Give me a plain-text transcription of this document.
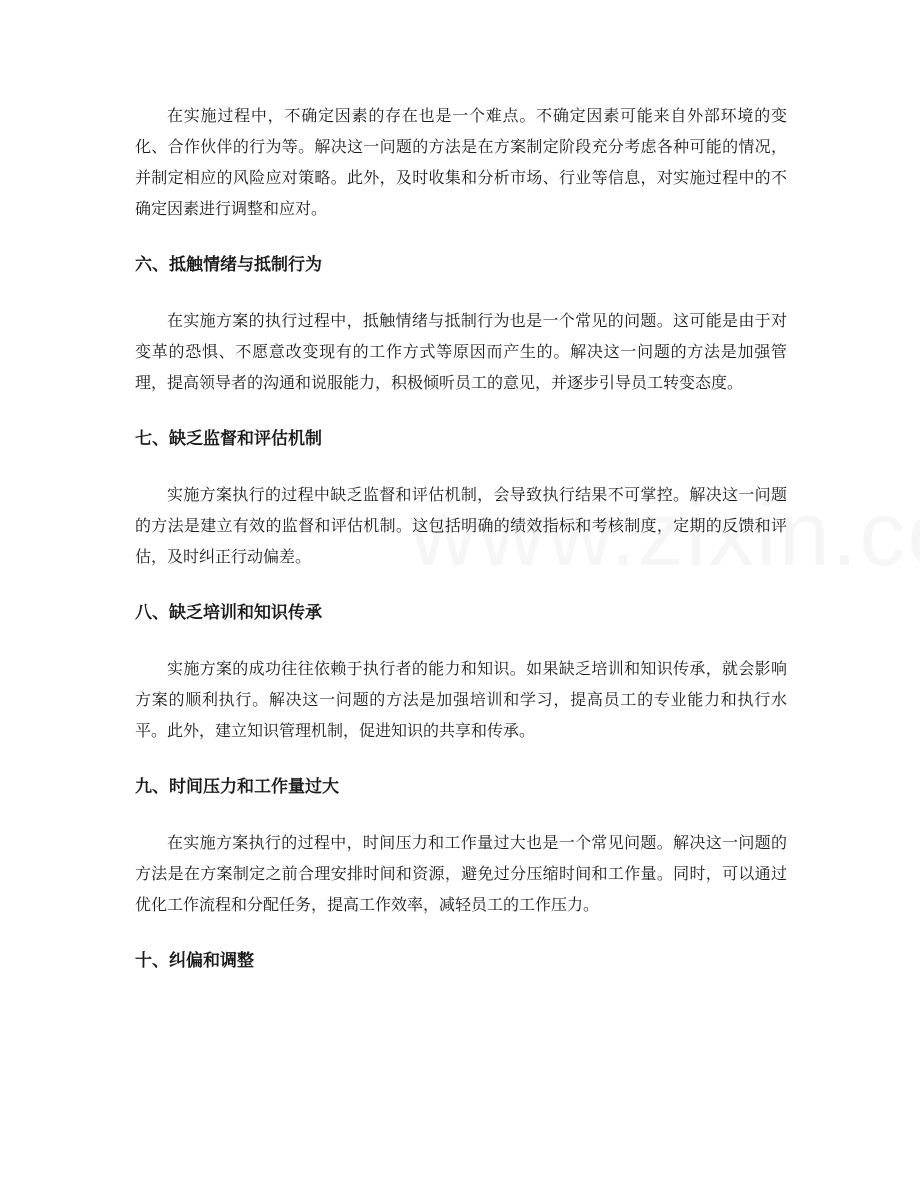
在实施过程中，不确定因素的存在也是一个难点。不确定因素可能来自外部环境的变化、合作伙伴的行为等。解决这一问题的方法是在方案制定阶段充分考虑各种可能的情况，并制定相应的风险应对策略。此外，及时收集和分析市场、行业等信息，对实施过程中的不确定因素进行调整和应对。

六、抵触情绪与抵制行为

在实施方案的执行过程中，抵触情绪与抵制行为也是一个常见的问题。这可能是由于对变革的恐惧、不愿意改变现有的工作方式等原因而产生的。解决这一问题的方法是加强管理，提高领导者的沟通和说服能力，积极倾听员工的意见，并逐步引导员工转变态度。

七、缺乏监督和评估机制

实施方案执行的过程中缺乏监督和评估机制，会导致执行结果不可掌控。解决这一问题的方法是建立有效的监督和评估机制。这包括明确的绩效指标和考核制度，定期的反馈和评估，及时纠正行动偏差。

八、缺乏培训和知识传承

实施方案的成功往往依赖于执行者的能力和知识。如果缺乏培训和知识传承，就会影响方案的顺利执行。解决这一问题的方法是加强培训和学习，提高员工的专业能力和执行水平。此外，建立知识管理机制，促进知识的共享和传承。

九、时间压力和工作量过大

在实施方案执行的过程中，时间压力和工作量过大也是一个常见问题。解决这一问题的方法是在方案制定之前合理安排时间和资源，避免过分压缩时间和工作量。同时，可以通过优化工作流程和分配任务，提高工作效率，减轻员工的工作压力。

十、纠偏和调整
